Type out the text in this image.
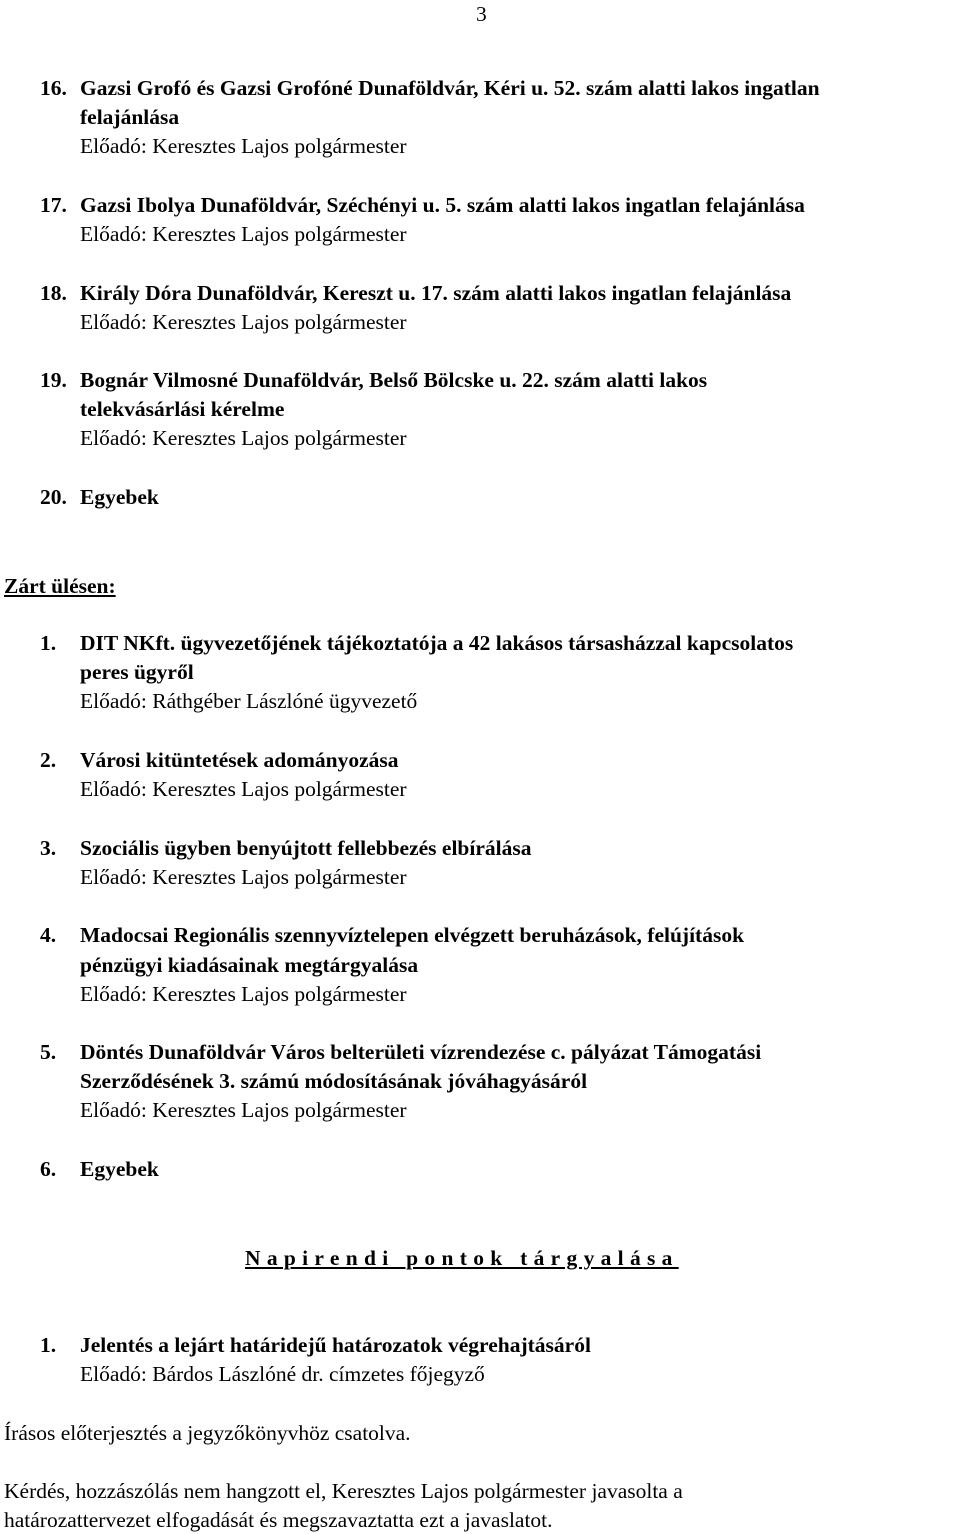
3
16. Gazsi Grofó és Gazsi Grofóné Dunaföldvár, Kéri u. 52. szám alatti lakos ingatlan
felajánlása
Előadó: Keresztes Lajos polgármester
17. Gazsi Ibolya Dunaföldvár, Széchényi u. 5. szám alatti lakos ingatlan felajánlása
Előadó: Keresztes Lajos polgármester
18. Király Dóra Dunaföldvár, Kereszt u. 17. szám alatti lakos ingatlan felajánlása
Előadó: Keresztes Lajos polgármester
19. Bognár Vilmosné Dunaföldvár, Belső Bölcske u. 22. szám alatti lakos
telekvásárlási kérelme
Előadó: Keresztes Lajos polgármester
20. Egyebek
Zárt ülésen:
1. DIT NKft. ügyvezetőjének tájékoztatója a 42 lakásos társasházzal kapcsolatos
peres ügyről
Előadó: Ráthgéber Lászlóné ügyvezető
2. Városi kitüntetések adományozása
Előadó: Keresztes Lajos polgármester
3. Szociális ügyben benyújtott fellebbezés elbírálása
Előadó: Keresztes Lajos polgármester
4. Madocsai Regionális szennyvíztelepen elvégzett beruházások, felújítások
pénzügyi kiadásainak megtárgyalása
Előadó: Keresztes Lajos polgármester
5. Döntés Dunaföldvár Város belterületi vízrendezése c. pályázat Támogatási
Szerződésének 3. számú módosításának jóváhagyásáról
Előadó: Keresztes Lajos polgármester
6. Egyebek
Napirendi pontok tárgyalása
1. Jelentés a lejárt határidejű határozatok végrehajtásáról
Előadó: Bárdos Lászlóné dr. címzetes főjegyző
Írásos előterjesztés a jegyzőkönyvhöz csatolva.
Kérdés, hozzászólás nem hangzott el, Keresztes Lajos polgármester javasolta a
határozattervezet elfogadását és megszavaztatta ezt a javaslatot.
